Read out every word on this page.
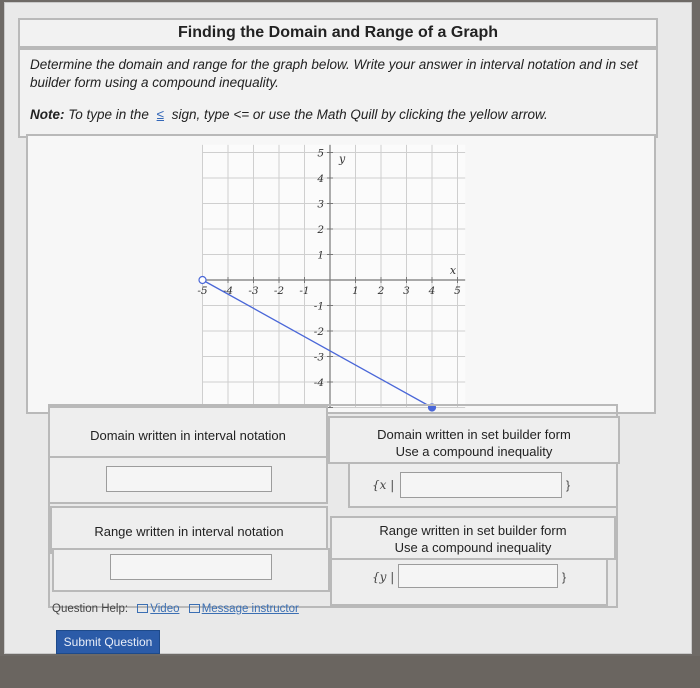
Finding the Domain and Range of a Graph
Determine the domain and range for the graph below. Write your answer in interval notation and in set builder form using a compound inequality.
Note: To type in the ≤ sign, type <= or use the Math Quill by clicking the yellow arrow.
-5 -4 -3 -2 -1	1 2 3 4 5
5
4
3
2
1
-1
-2
-3
-4
x
y
Domain written in interval notation	Domain written in set builder form
Use a compound inequality
{x |	}
Range written in interval notation	Range written in set builder form
Use a compound inequality
{y |	}
Question Help: Video Message instructor
Submit Question
